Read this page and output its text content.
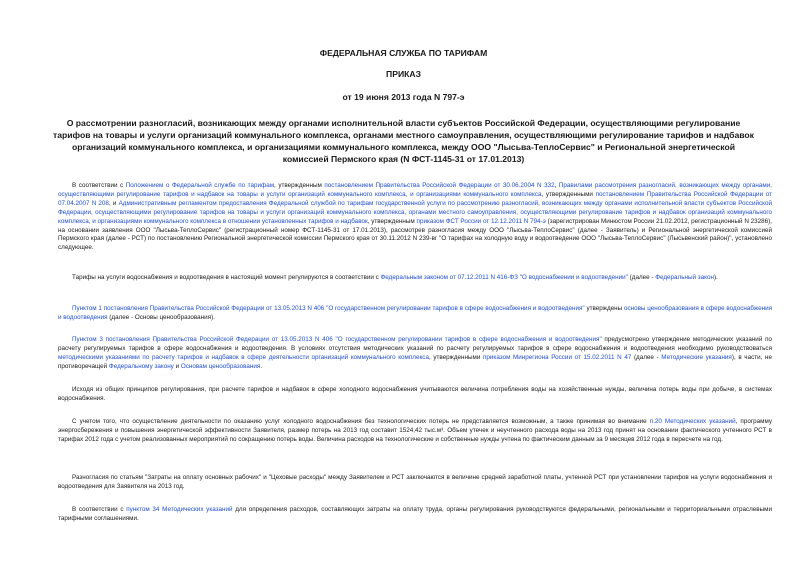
ФЕДЕРАЛЬНАЯ СЛУЖБА ПО ТАРИФАМ
ПРИКАЗ
от 19 июня 2013 года N 797-э
О рассмотрении разногласий, возникающих между органами исполнительной власти субъектов Российской Федерации, осуществляющими регулирование тарифов на товары и услуги организаций коммунального комплекса, органами местного самоуправления, осуществляющими регулирование тарифов и надбавок организаций коммунального комплекса, и организациями коммунального комплекса, между ООО "Лысьва-ТеплоСервис" и Региональной энергетической комиссией Пермского края (N ФСТ-1145-31 от 17.01.2013)

В соответствии с Положением о Федеральной службе по тарифам, утвержденным постановлением Правительства Российской Федерации от 30.06.2004 N 332, Правилами рассмотрения разногласий, возникающих между органами, осуществляющими регулирование тарифов и надбавок на товары и услуги организаций коммунального комплекса, и организациями коммунального комплекса, утвержденными постановлением Правительства Российской Федерации от 07.04.2007 N 208, и Административным регламентом предоставления Федеральной службой по тарифам государственной услуги по рассмотрению разногласий, возникающих между органами исполнительной власти субъектов Российской Федерации, осуществляющими регулирование тарифов на товары и услуги организаций коммунального комплекса, органами местного самоуправления, осуществляющими регулирование тарифов и надбавок организаций коммунального комплекса, и организациями коммунального комплекса в отношении установленных тарифов и надбавок, утвержденным приказом ФСТ России от 12.12.2011 N 794-э (зарегистрирован Минюстом России 21.02.2012, регистрационный N 23286), на основании заявления ООО "Лысьва-ТеплоСервис" (регистрационный номер ФСТ-1145-31 от 17.01.2013), рассмотрев разногласия между ООО "Лысьва-ТеплоСервис" (далее - Заявитель) и Региональной энергетической комиссией Пермского края (далее - РСТ) по постановлению Региональной энергетической комиссии Пермского края от 30.11.2012 N 239-вг "О тарифах на холодную воду и водоотведение ООО "Лысьва-ТеплоСервис" (Лысьвенский район)", установлено следующее.

Тарифы на услуги водоснабжения и водоотведения в настоящий момент регулируются в соответствии с Федеральным законом от 07.12.2011 N 416-ФЗ "О водоснабжении и водоотведении" (далее - Федеральный закон).

Пунктом 1 постановления Правительства Российской Федерации от 13.05.2013 N 406 "О государственном регулировании тарифов в сфере водоснабжения и водоотведения" утверждены основы ценообразования в сфере водоснабжения и водоотведения (далее - Основы ценообразования).

Пунктом 3 постановления Правительства Российской Федерации от 13.05.2013 N 406 "О государственном регулировании тарифов в сфере водоснабжения и водоотведения" предусмотрено утверждение методических указаний по расчету регулируемых тарифов в сфере водоснабжения и водоотведения. В условиях отсутствия методических указаний по расчету регулируемых тарифов в сфере водоснабжения и водоотведения необходимо руководствоваться методическими указаниями по расчету тарифов и надбавок в сфере деятельности организаций коммунального комплекса, утвержденными приказом Минрегиона России от 15.02.2011 N 47 (далее - Методические указания), в части, не противоречащей Федеральному закону и Основам ценообразования.

Исходя из общих принципов регулирования, при расчете тарифов и надбавок в сфере холодного водоснабжения учитываются величина потребления воды на хозяйственные нужды, величина потерь воды при добыче, в системах водоснабжения.

С учетом того, что осуществление деятельности по оказанию услуг холодного водоснабжения без технологических потерь не представляется возможным, а также принимая во внимание п.20 Методических указаний, программу энергосбережения и повышения энергетической эффективности Заявителя, размер потерь на 2013 год составит 1524,42 тыс.м³. Объем утечек и неучтенного расхода воды на 2013 год принят на основании фактического учтенного РСТ в тарифах 2012 года с учетом реализованных мероприятий по сокращению потерь воды. Величина расходов на технологические и собственные нужды учтена по фактическим данным за 9 месяцев 2012 года в пересчете на год.

Разногласия по статьям "Затраты на оплату основных рабочих" и "Цеховые расходы" между Заявителем и РСТ заключаются в величине средней заработной платы, учтенной РСТ при установлении тарифов на услуги водоснабжения и водоотведения для Заявителя на 2013 год.

В соответствии с пунктом 34 Методических указаний для определения расходов, составляющих затраты на оплату труда, органы регулирования руководствуются федеральными, региональными и территориальными отраслевыми тарифными соглашениями.
